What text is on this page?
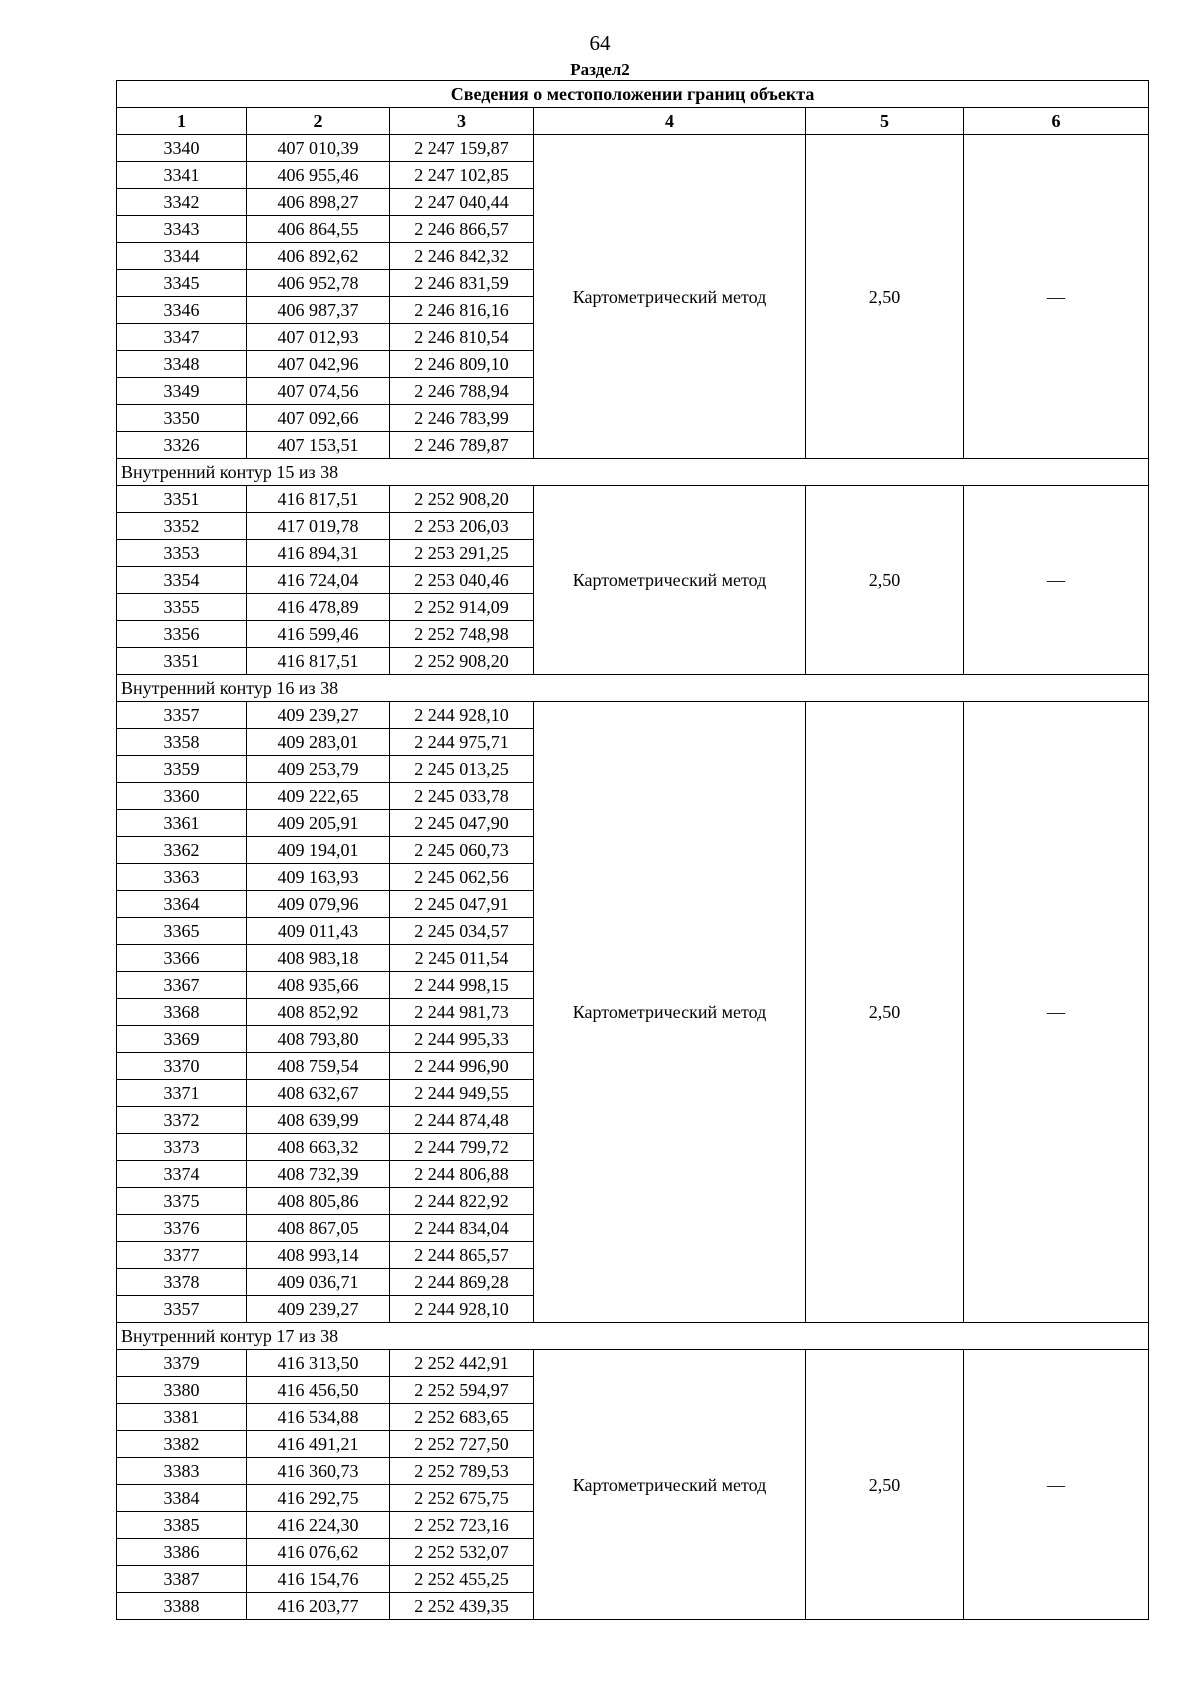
64
Раздел2
Сведения о местоположении границ объекта					
1	2	3	4	5	6
3340	407 010,39	2 247 159,87	Картометрический метод	2,50	—
3341	406 955,46	2 247 102,85			
3342	406 898,27	2 247 040,44			
3343	406 864,55	2 246 866,57			
3344	406 892,62	2 246 842,32			
3345	406 952,78	2 246 831,59			
3346	406 987,37	2 246 816,16			
3347	407 012,93	2 246 810,54			
3348	407 042,96	2 246 809,10			
3349	407 074,56	2 246 788,94			
3350	407 092,66	2 246 783,99			
3326	407 153,51	2 246 789,87			
Внутренний контур 15 из 38					
3351	416 817,51	2 252 908,20	Картометрический метод	2,50	—
3352	417 019,78	2 253 206,03			
3353	416 894,31	2 253 291,25			
3354	416 724,04	2 253 040,46			
3355	416 478,89	2 252 914,09			
3356	416 599,46	2 252 748,98			
3351	416 817,51	2 252 908,20			
Внутренний контур 16 из 38					
3357	409 239,27	2 244 928,10	Картометрический метод	2,50	—
3358	409 283,01	2 244 975,71			
3359	409 253,79	2 245 013,25			
3360	409 222,65	2 245 033,78			
3361	409 205,91	2 245 047,90			
3362	409 194,01	2 245 060,73			
3363	409 163,93	2 245 062,56			
3364	409 079,96	2 245 047,91			
3365	409 011,43	2 245 034,57			
3366	408 983,18	2 245 011,54			
3367	408 935,66	2 244 998,15			
3368	408 852,92	2 244 981,73			
3369	408 793,80	2 244 995,33			
3370	408 759,54	2 244 996,90			
3371	408 632,67	2 244 949,55			
3372	408 639,99	2 244 874,48			
3373	408 663,32	2 244 799,72			
3374	408 732,39	2 244 806,88			
3375	408 805,86	2 244 822,92			
3376	408 867,05	2 244 834,04			
3377	408 993,14	2 244 865,57			
3378	409 036,71	2 244 869,28			
3357	409 239,27	2 244 928,10			
Внутренний контур 17 из 38					
3379	416 313,50	2 252 442,91	Картометрический метод	2,50	—
3380	416 456,50	2 252 594,97			
3381	416 534,88	2 252 683,65			
3382	416 491,21	2 252 727,50			
3383	416 360,73	2 252 789,53			
3384	416 292,75	2 252 675,75			
3385	416 224,30	2 252 723,16			
3386	416 076,62	2 252 532,07			
3387	416 154,76	2 252 455,25			
3388	416 203,77	2 252 439,35			
